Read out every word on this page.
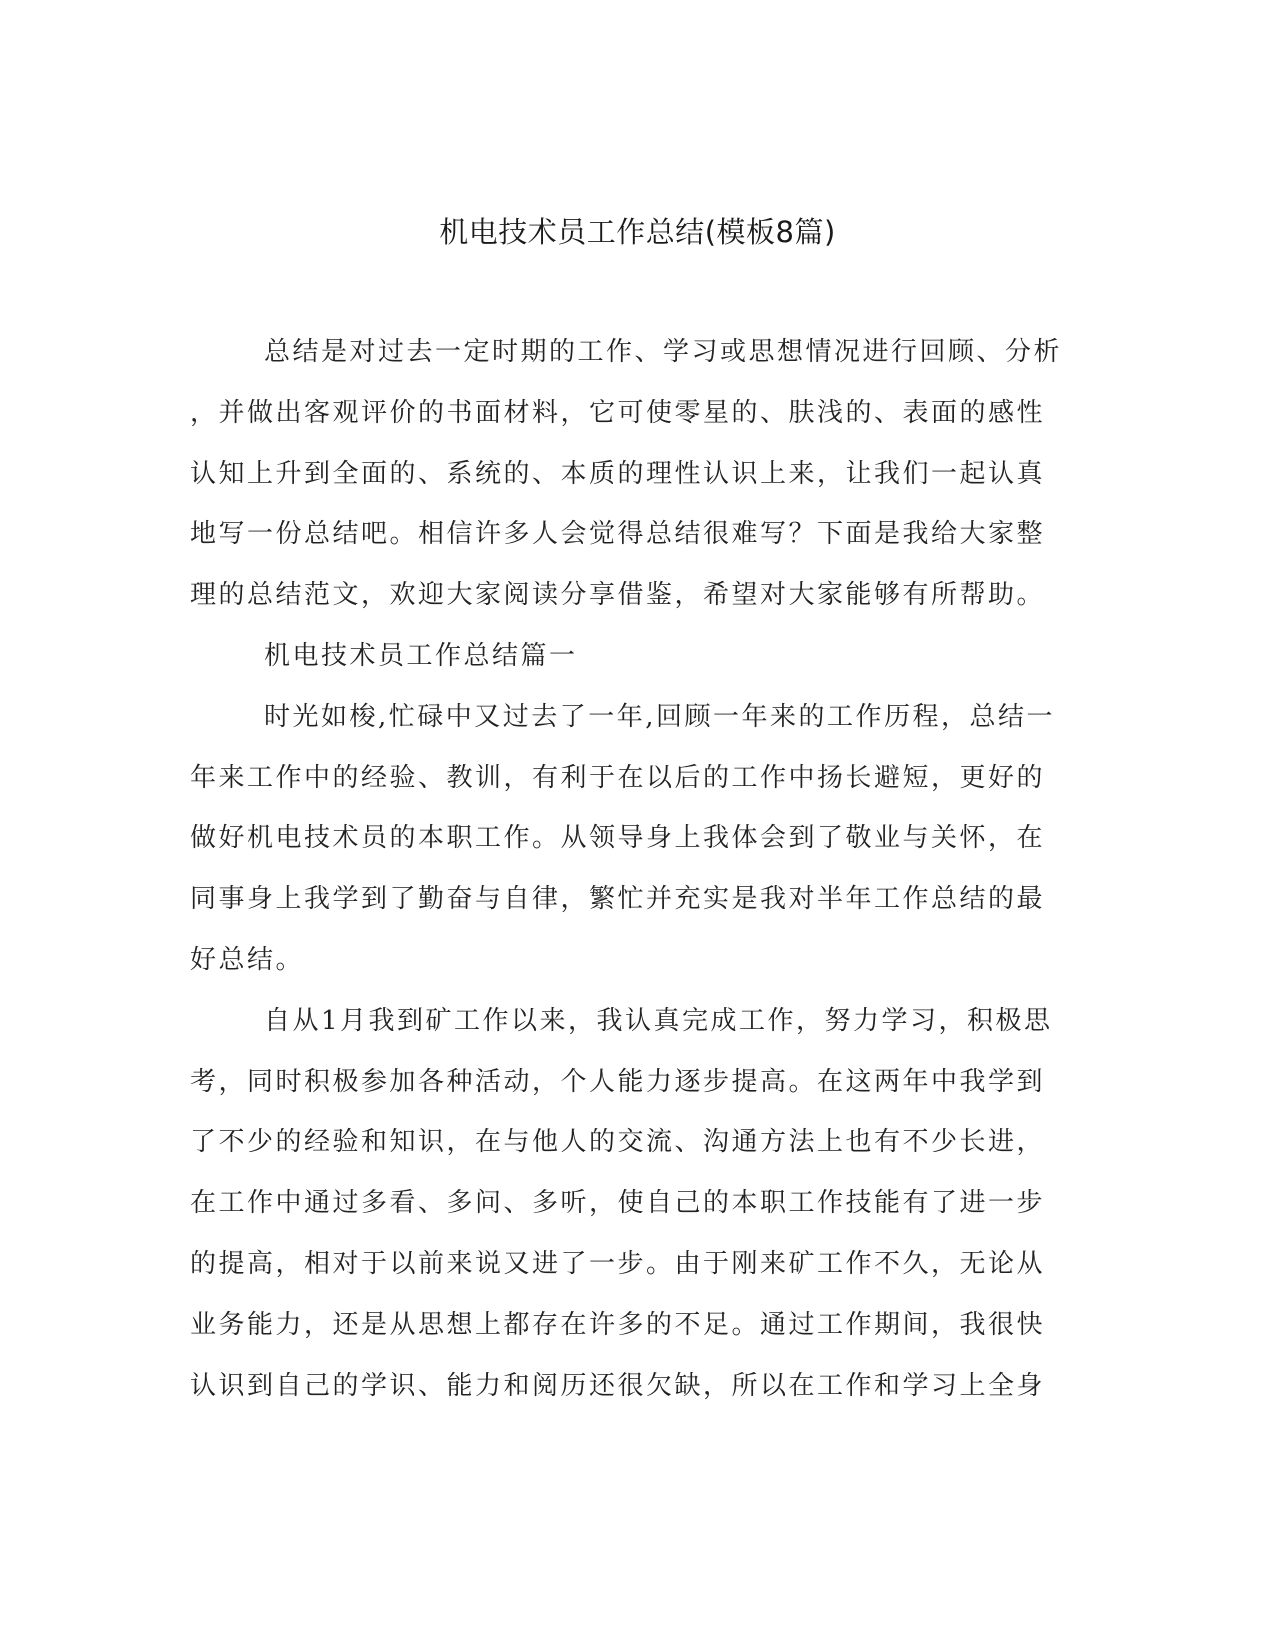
机电技术员工作总结(模板8篇)
总结是对过去一定时期的工作、学习或思想情况进行回顾、分析
，并做出客观评价的书面材料，它可使零星的、肤浅的、表面的感性
认知上升到全面的、系统的、本质的理性认识上来，让我们一起认真
地写一份总结吧。相信许多人会觉得总结很难写？下面是我给大家整
理的总结范文，欢迎大家阅读分享借鉴，希望对大家能够有所帮助。
机电技术员工作总结篇一
时光如梭,忙碌中又过去了一年,回顾一年来的工作历程，总结一
年来工作中的经验、教训，有利于在以后的工作中扬长避短，更好的
做好机电技术员的本职工作。从领导身上我体会到了敬业与关怀，在
同事身上我学到了勤奋与自律，繁忙并充实是我对半年工作总结的最
好总结。
自从1月我到矿工作以来，我认真完成工作，努力学习，积极思
考，同时积极参加各种活动，个人能力逐步提高。在这两年中我学到
了不少的经验和知识，在与他人的交流、沟通方法上也有不少长进，
在工作中通过多看、多问、多听，使自己的本职工作技能有了进一步
的提高，相对于以前来说又进了一步。由于刚来矿工作不久，无论从
业务能力，还是从思想上都存在许多的不足。通过工作期间，我很快
认识到自己的学识、能力和阅历还很欠缺，所以在工作和学习上全身
